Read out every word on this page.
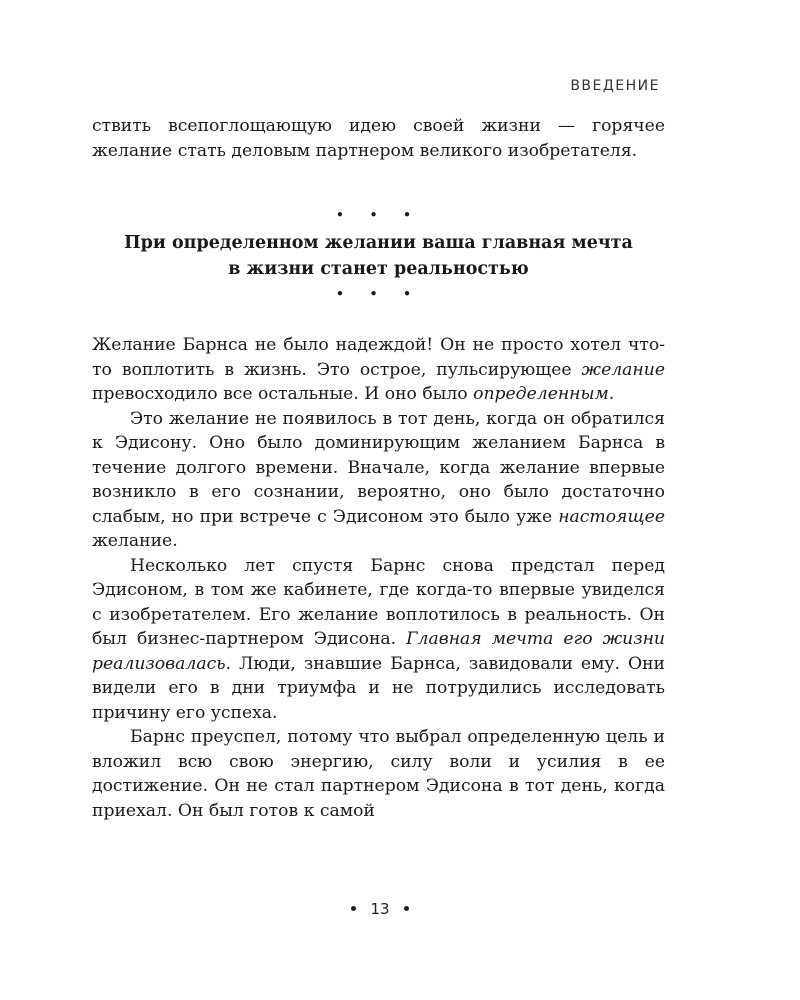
ВВЕДЕНИЕ

ствить всепоглощающую идею своей жизни — горячее желание стать деловым партнером великого изобретателя.

• • •
При определенном желании ваша главная мечта
в жизни станет реальностью
• • •

Желание Барнса не было надеждой! Он не просто хотел что-то воплотить в жизнь. Это острое, пульсирующее желание превосходило все остальные. И оно было определенным.

Это желание не появилось в тот день, когда он обратился к Эдисону. Оно было доминирующим желанием Барнса в течение долгого времени. Вначале, когда желание впервые возникло в его сознании, вероятно, оно было достаточно слабым, но при встрече с Эдисоном это было уже настоящее желание.

Несколько лет спустя Барнс снова предстал перед Эдисоном, в том же кабинете, где когда-то впервые увиделся с изобретателем. Его желание воплотилось в реальность. Он был бизнес-партнером Эдисона. Главная мечта его жизни реализовалась. Люди, знавшие Барнса, завидовали ему. Они видели его в дни триумфа и не потрудились исследовать причину его успеха.

Барнс преуспел, потому что выбрал определенную цель и вложил всю свою энергию, силу воли и усилия в ее достижение. Он не стал партнером Эдисона в тот день, когда приехал. Он был готов к самой

13
